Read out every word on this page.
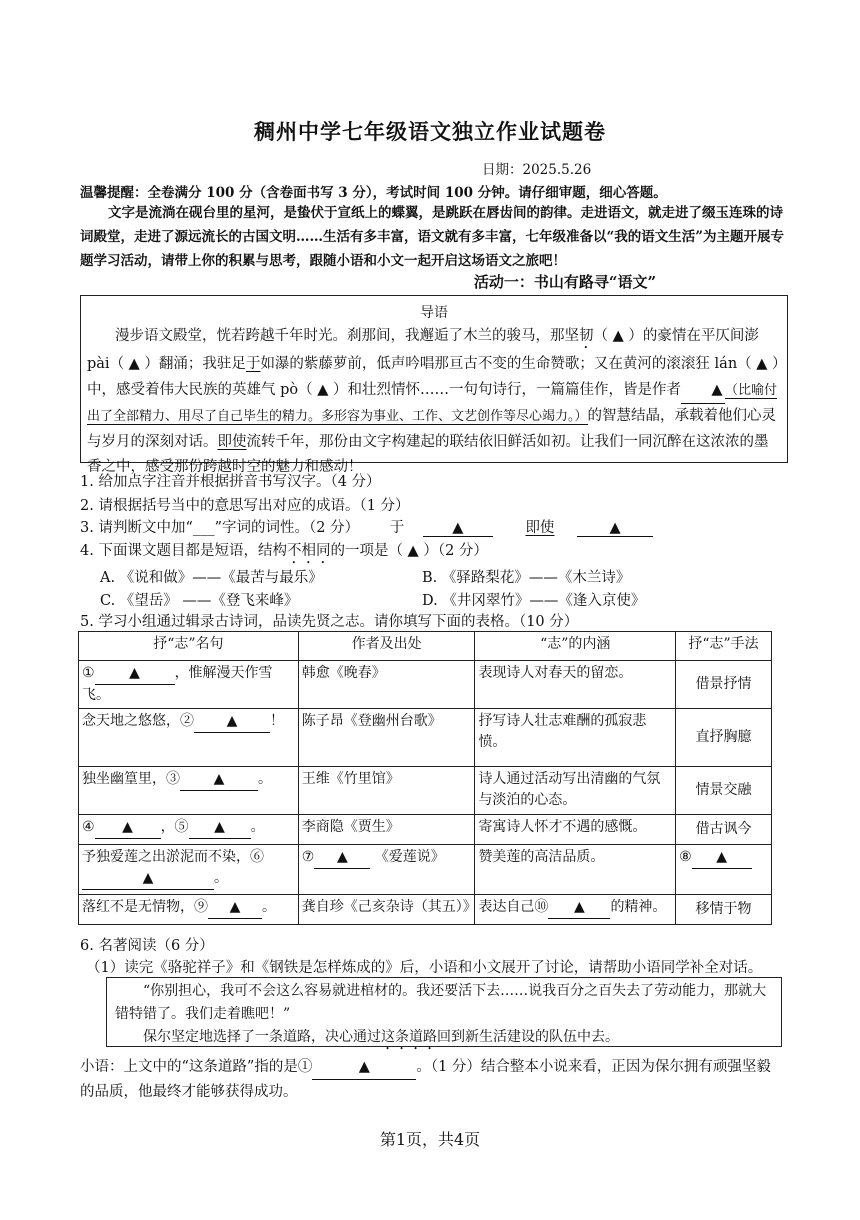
稠州中学七年级语文独立作业试题卷
日期：2025.5.26
温馨提醒：全卷满分 100 分（含卷面书写 3 分），考试时间 100 分钟。请仔细审题，细心答题。

文字是流淌在砚台里的星河，是蛰伏于宣纸上的蝶翼，是跳跃在唇齿间的韵律。走进语文，就走进了缀玉连珠的诗词殿堂，走进了源远流长的古国文明……生活有多丰富，语文就有多丰富，七年级准备以“我的语文生活”为主题开展专题学习活动，请带上你的积累与思考，跟随小语和小文一起开启这场语文之旅吧！

活动一：书山有路寻“语文”
导语
漫步语文殿堂，恍若跨越千年时光。刹那间，我邂逅了木兰的骏马，那坚韧（ ▲ ）的豪情在平仄间澎 pài（ ▲ ）翻涌；我驻足于如瀑的紫藤萝前，低声吟唱那亘古不变的生命赞歌；又在黄河的滚滚狂 lán（ ▲ ）中，感受着伟大民族的英雄气 pò（ ▲ ）和壮烈情怀……一句句诗行，一篇篇佳作，皆是作者 ▲ （比喻付出了全部精力、用尽了自己毕生的精力。多形容为事业、工作、文艺创作等尽心竭力。）的智慧结晶，承载着他们心灵与岁月的深刻对话。即使流转千年，那份由文字构建起的联结依旧鲜活如初。让我们一同沉醉在这浓浓的墨香之中，感受那份跨越时空的魅力和感动！
1. 给加点字注音并根据拼音书写汉字。（4 分）
2. 请根据括号当中的意思写出对应的成语。（1 分）
3. 请判断文中加“___”字词的词性。（2 分） 于	▲	即使	▲
4. 下面课文题目都是短语，结构不相同的一项是（ ▲ ）（2 分）
A. 《说和做》——《最苦与最乐》	B. 《驿路梨花》——《木兰诗》
C. 《望岳》 ——《登飞来峰》	D. 《井冈翠竹》——《逢入京使》
5. 学习小组通过辑录古诗词，品读先贤之志。请你填写下面的表格。（10 分）
抒“志”名句	作者及出处	“志”的内涵	抒“志”手法
① ▲ ，惟解漫天作雪飞。	韩愈《晚春》	表现诗人对春天的留恋。	借景抒情
念天地之悠悠，② ▲ ！	陈子昂《登幽州台歌》	抒写诗人壮志难酬的孤寂悲愤。	直抒胸臆
独坐幽篁里，③ ▲ 。	王维《竹里馆》	诗人通过活动写出清幽的气氛与淡泊的心态。	情景交融
④ ▲ ，⑤ ▲ 。	李商隐《贾生》	寄寓诗人怀才不遇的感慨。	借古讽今
予独爱莲之出淤泥而不染，⑥▲ 。	⑦ ▲ 《爱莲说》	赞美莲的高洁品质。	⑧ ▲
落红不是无情物，⑨ ▲ 。	龚自珍《己亥杂诗（其五）》	表达自己⑩ ▲ 的精神。	移情于物
6. 名著阅读（6 分）
（1）读完《骆驼祥子》和《钢铁是怎样炼成的》后，小语和小文展开了讨论，请帮助小语同学补全对话。

“你别担心，我可不会这么容易就进棺材的。我还要活下去……说我百分之百失去了劳动能力，那就大错特错了。我们走着瞧吧！”

保尔坚定地选择了一条道路，决心通过这条道路回到新生活建设的队伍中去。

小语：上文中的“这条道路”指的是①	▲	。（1 分）结合整本小说来看，正因为保尔拥有顽强坚毅的品质，他最终才能够获得成功。
第1页，共4页
